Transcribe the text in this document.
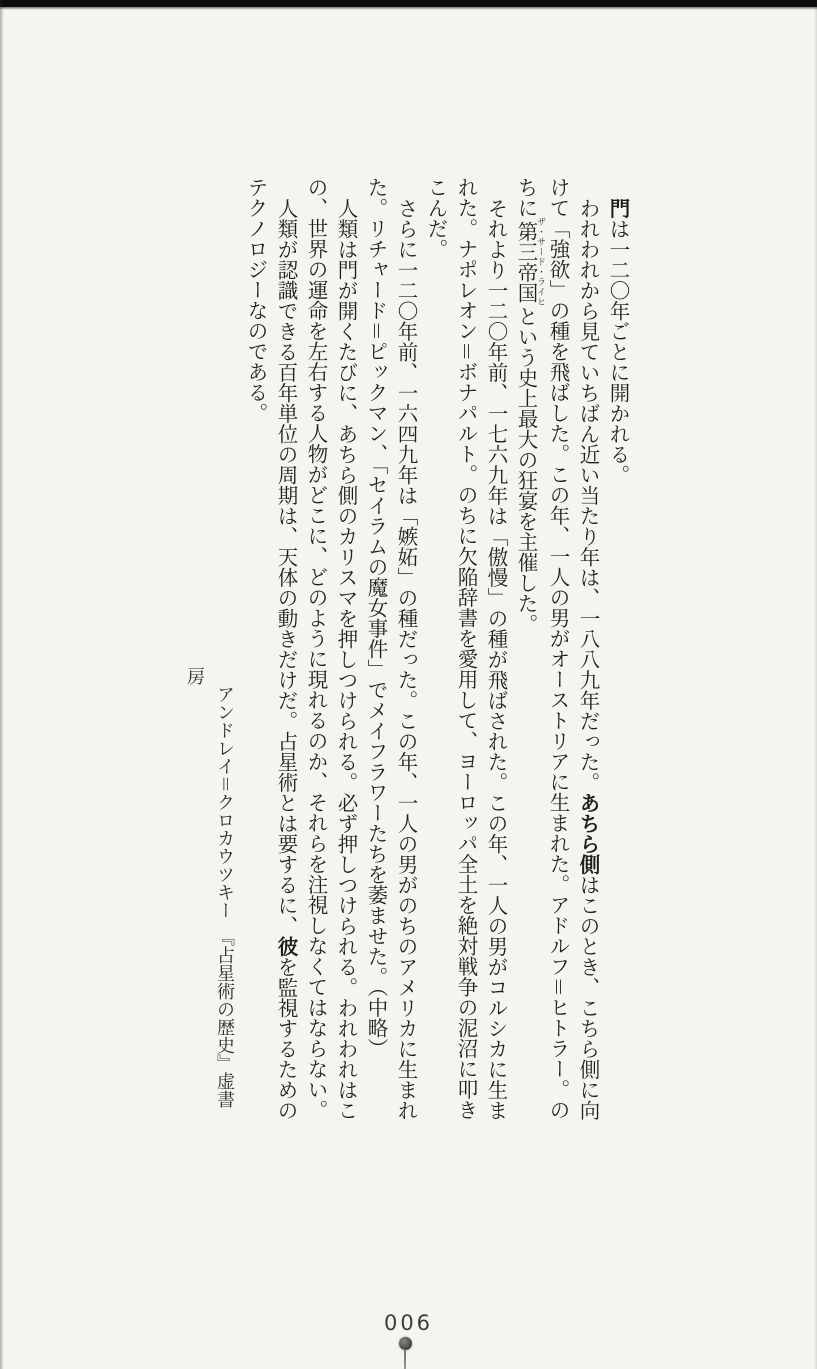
門は一二〇年ごとに開かれる。

われわれから見ていちばん近い当たり年は、一八八九年だった。あちら側はこのとき、こちら側に向けて「強欲」の種を飛ばした。この年、一人の男がオーストリアに生まれた。アドルフ＝ヒトラー。のちに第三帝国 ザ・サード・ライヒという史上最大の狂宴を主催した。

それより一二〇年前、一七六九年は「傲慢」の種が飛ばされた。この年、一人の男がコルシカに生まれた。ナポレオン＝ボナパルト。のちに欠陥辞書を愛用して、ヨーロッパ全土を絶対戦争の泥沼に叩きこんだ。

さらに一二〇年前、一六四九年は「嫉妬」の種だった。この年、一人の男がのちのアメリカに生まれた。リチャード＝ピックマン、「セイラムの魔女事件」でメイフラワーたちを萎ませた。（中略）

人類は門が開くたびに、あちら側のカリスマを押しつけられる。必ず押しつけられる。われわれはこの、世界の運命を左右する人物がどこに、どのように現れるのか、それらを注視しなくてはならない。

人類が認識できる百年単位の周期は、天体の動きだけだ。占星術とは要するに、彼を監視するためのテクノロジーなのである。

アンドレイ＝クロカウツキー　『占星術の歴史』虚書房

006
